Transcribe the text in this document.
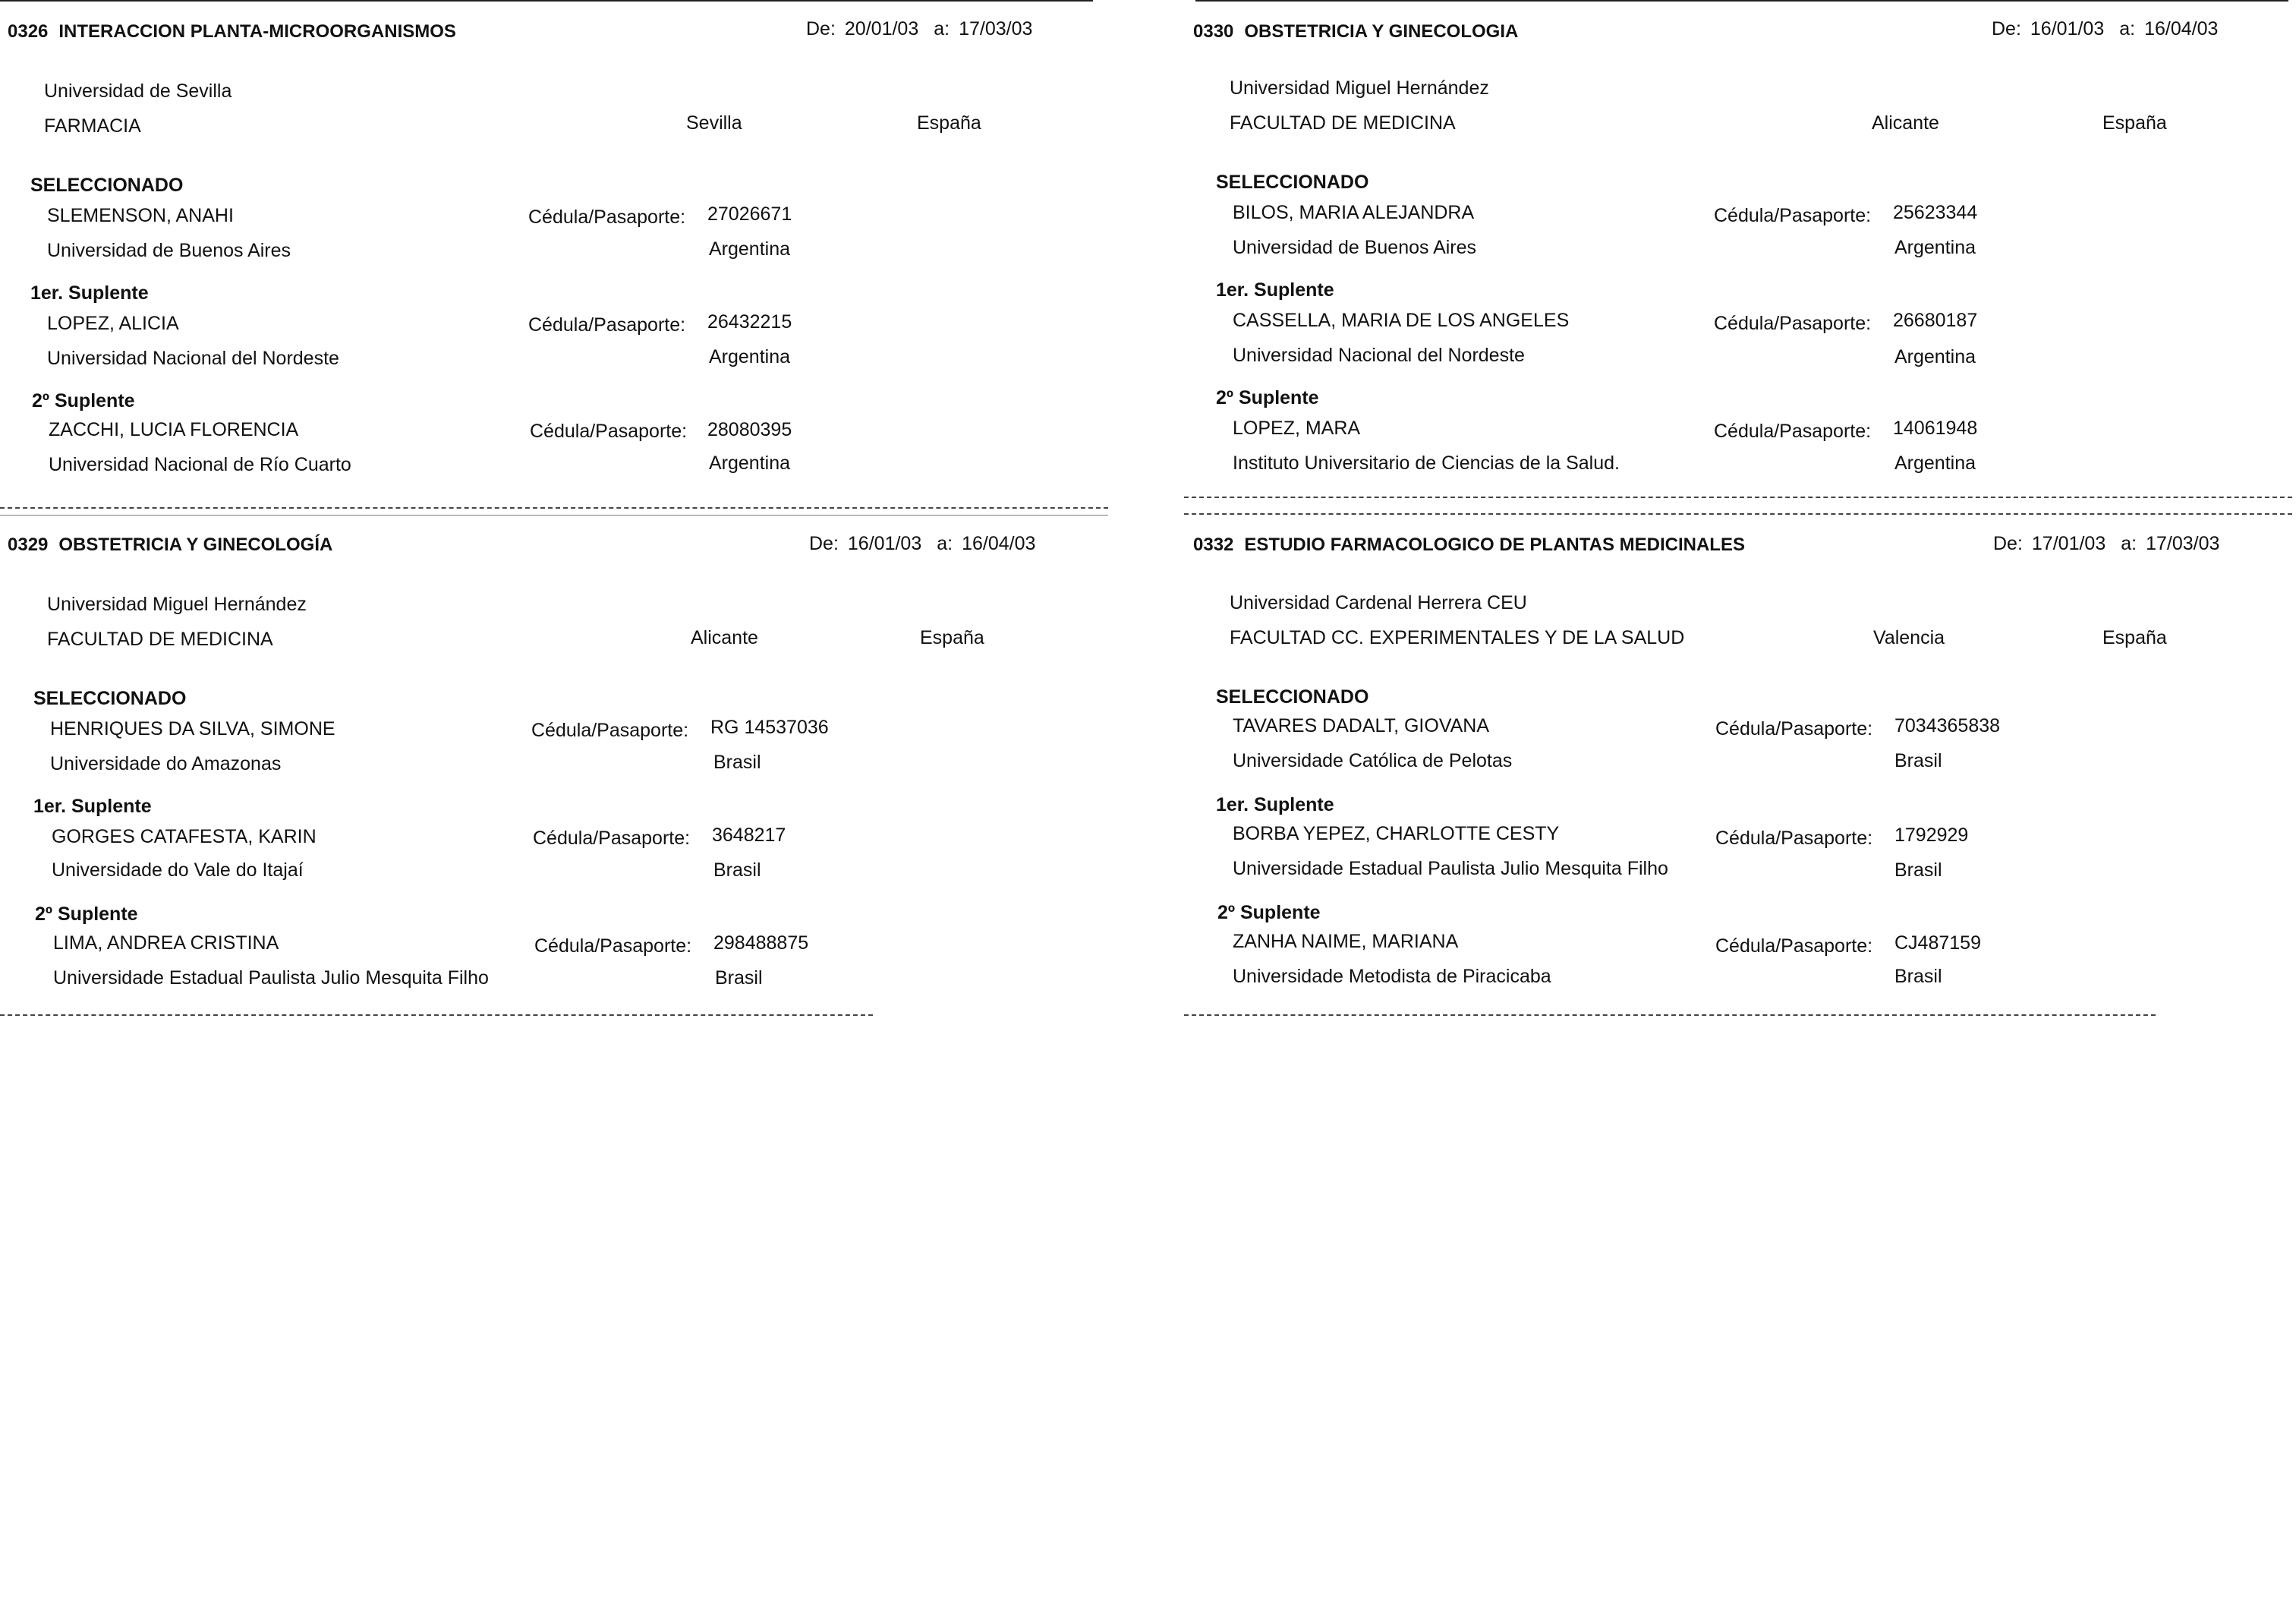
0326 INTERACCION PLANTA-MICROORGANISMOS	De: 20/01/03 a: 17/03/03
Universidad de Sevilla
FARMACIA	Sevilla	España
SELECCIONADO
SLEMENSON, ANAHI	Cédula/Pasaporte: 27026671
Universidad de Buenos Aires	Argentina
1er. Suplente
LOPEZ, ALICIA	Cédula/Pasaporte: 26432215
Universidad Nacional del Nordeste	Argentina
2º Suplente
ZACCHI, LUCIA FLORENCIA	Cédula/Pasaporte: 28080395
Universidad Nacional de Río Cuarto	Argentina
0330 OBSTETRICIA Y GINECOLOGIA	De: 16/01/03 a: 16/04/03
Universidad Miguel Hernández
FACULTAD DE MEDICINA	Alicante	España
SELECCIONADO
BILOS, MARIA ALEJANDRA	Cédula/Pasaporte: 25623344
Universidad de Buenos Aires	Argentina
1er. Suplente
CASSELLA, MARIA DE LOS ANGELES	Cédula/Pasaporte: 26680187
Universidad Nacional del Nordeste	Argentina
2º Suplente
LOPEZ, MARA	Cédula/Pasaporte: 14061948
Instituto Universitario de Ciencias de la Salud.	Argentina
0329 OBSTETRICIA Y GINECOLOGÍA	De: 16/01/03 a: 16/04/03
Universidad Miguel Hernández
FACULTAD DE MEDICINA	Alicante	España
SELECCIONADO
HENRIQUES DA SILVA, SIMONE	Cédula/Pasaporte: RG 14537036
Universidade do Amazonas	Brasil
1er. Suplente
GORGES CATAFESTA, KARIN	Cédula/Pasaporte: 3648217
Universidade do Vale do Itajaí	Brasil
2º Suplente
LIMA, ANDREA CRISTINA	Cédula/Pasaporte: 298488875
Universidade Estadual Paulista Julio Mesquita Filho	Brasil
0332 ESTUDIO FARMACOLOGICO DE PLANTAS MEDICINALES	De: 17/01/03 a: 17/03/03
Universidad Cardenal Herrera CEU
FACULTAD CC. EXPERIMENTALES Y DE LA SALUD	Valencia	España
SELECCIONADO
TAVARES DADALT, GIOVANA	Cédula/Pasaporte: 7034365838
Universidade Católica de Pelotas	Brasil
1er. Suplente
BORBA YEPEZ, CHARLOTTE CESTY	Cédula/Pasaporte: 1792929
Universidade Estadual Paulista Julio Mesquita Filho	Brasil
2º Suplente
ZANHA NAIME, MARIANA	Cédula/Pasaporte: CJ487159
Universidade Metodista de Piracicaba	Brasil
